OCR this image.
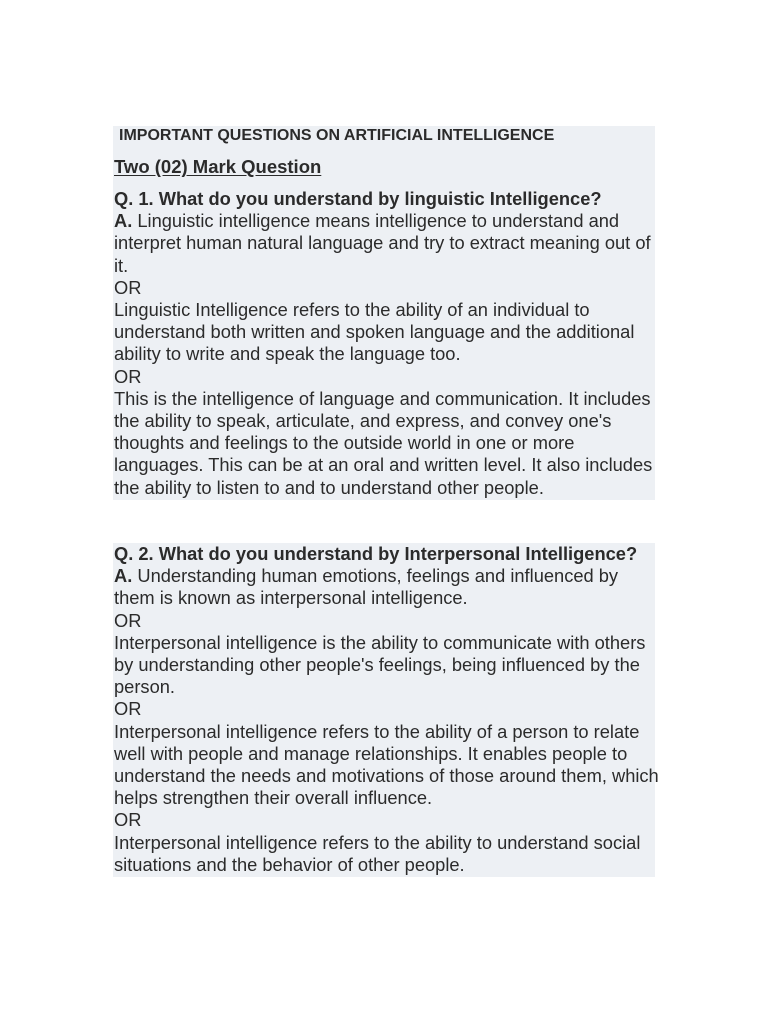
IMPORTANT QUESTIONS ON ARTIFICIAL INTELLIGENCE
Two (02) Mark Question

Q. 1. What do you understand by linguistic Intelligence?

A. Linguistic intelligence means intelligence to understand and interpret human natural language and try to extract meaning out of it.

OR

Linguistic Intelligence refers to the ability of an individual to understand both written and spoken language and the additional ability to write and speak the language too.

OR

This is the intelligence of language and communication. It includes the ability to speak, articulate, and express, and convey one's thoughts and feelings to the outside world in one or more languages. This can be at an oral and written level. It also includes the ability to listen to and to understand other people.

Q. 2. What do you understand by Interpersonal Intelligence?

A. Understanding human emotions, feelings and influenced by them is known as interpersonal intelligence.

OR

Interpersonal intelligence is the ability to communicate with others by understanding other people's feelings, being influenced by the person.

OR

Interpersonal intelligence refers to the ability of a person to relate well with people and manage relationships. It enables people to understand the needs and motivations of those around them, which helps strengthen their overall influence.

OR

Interpersonal intelligence refers to the ability to understand social situations and the behavior of other people.
